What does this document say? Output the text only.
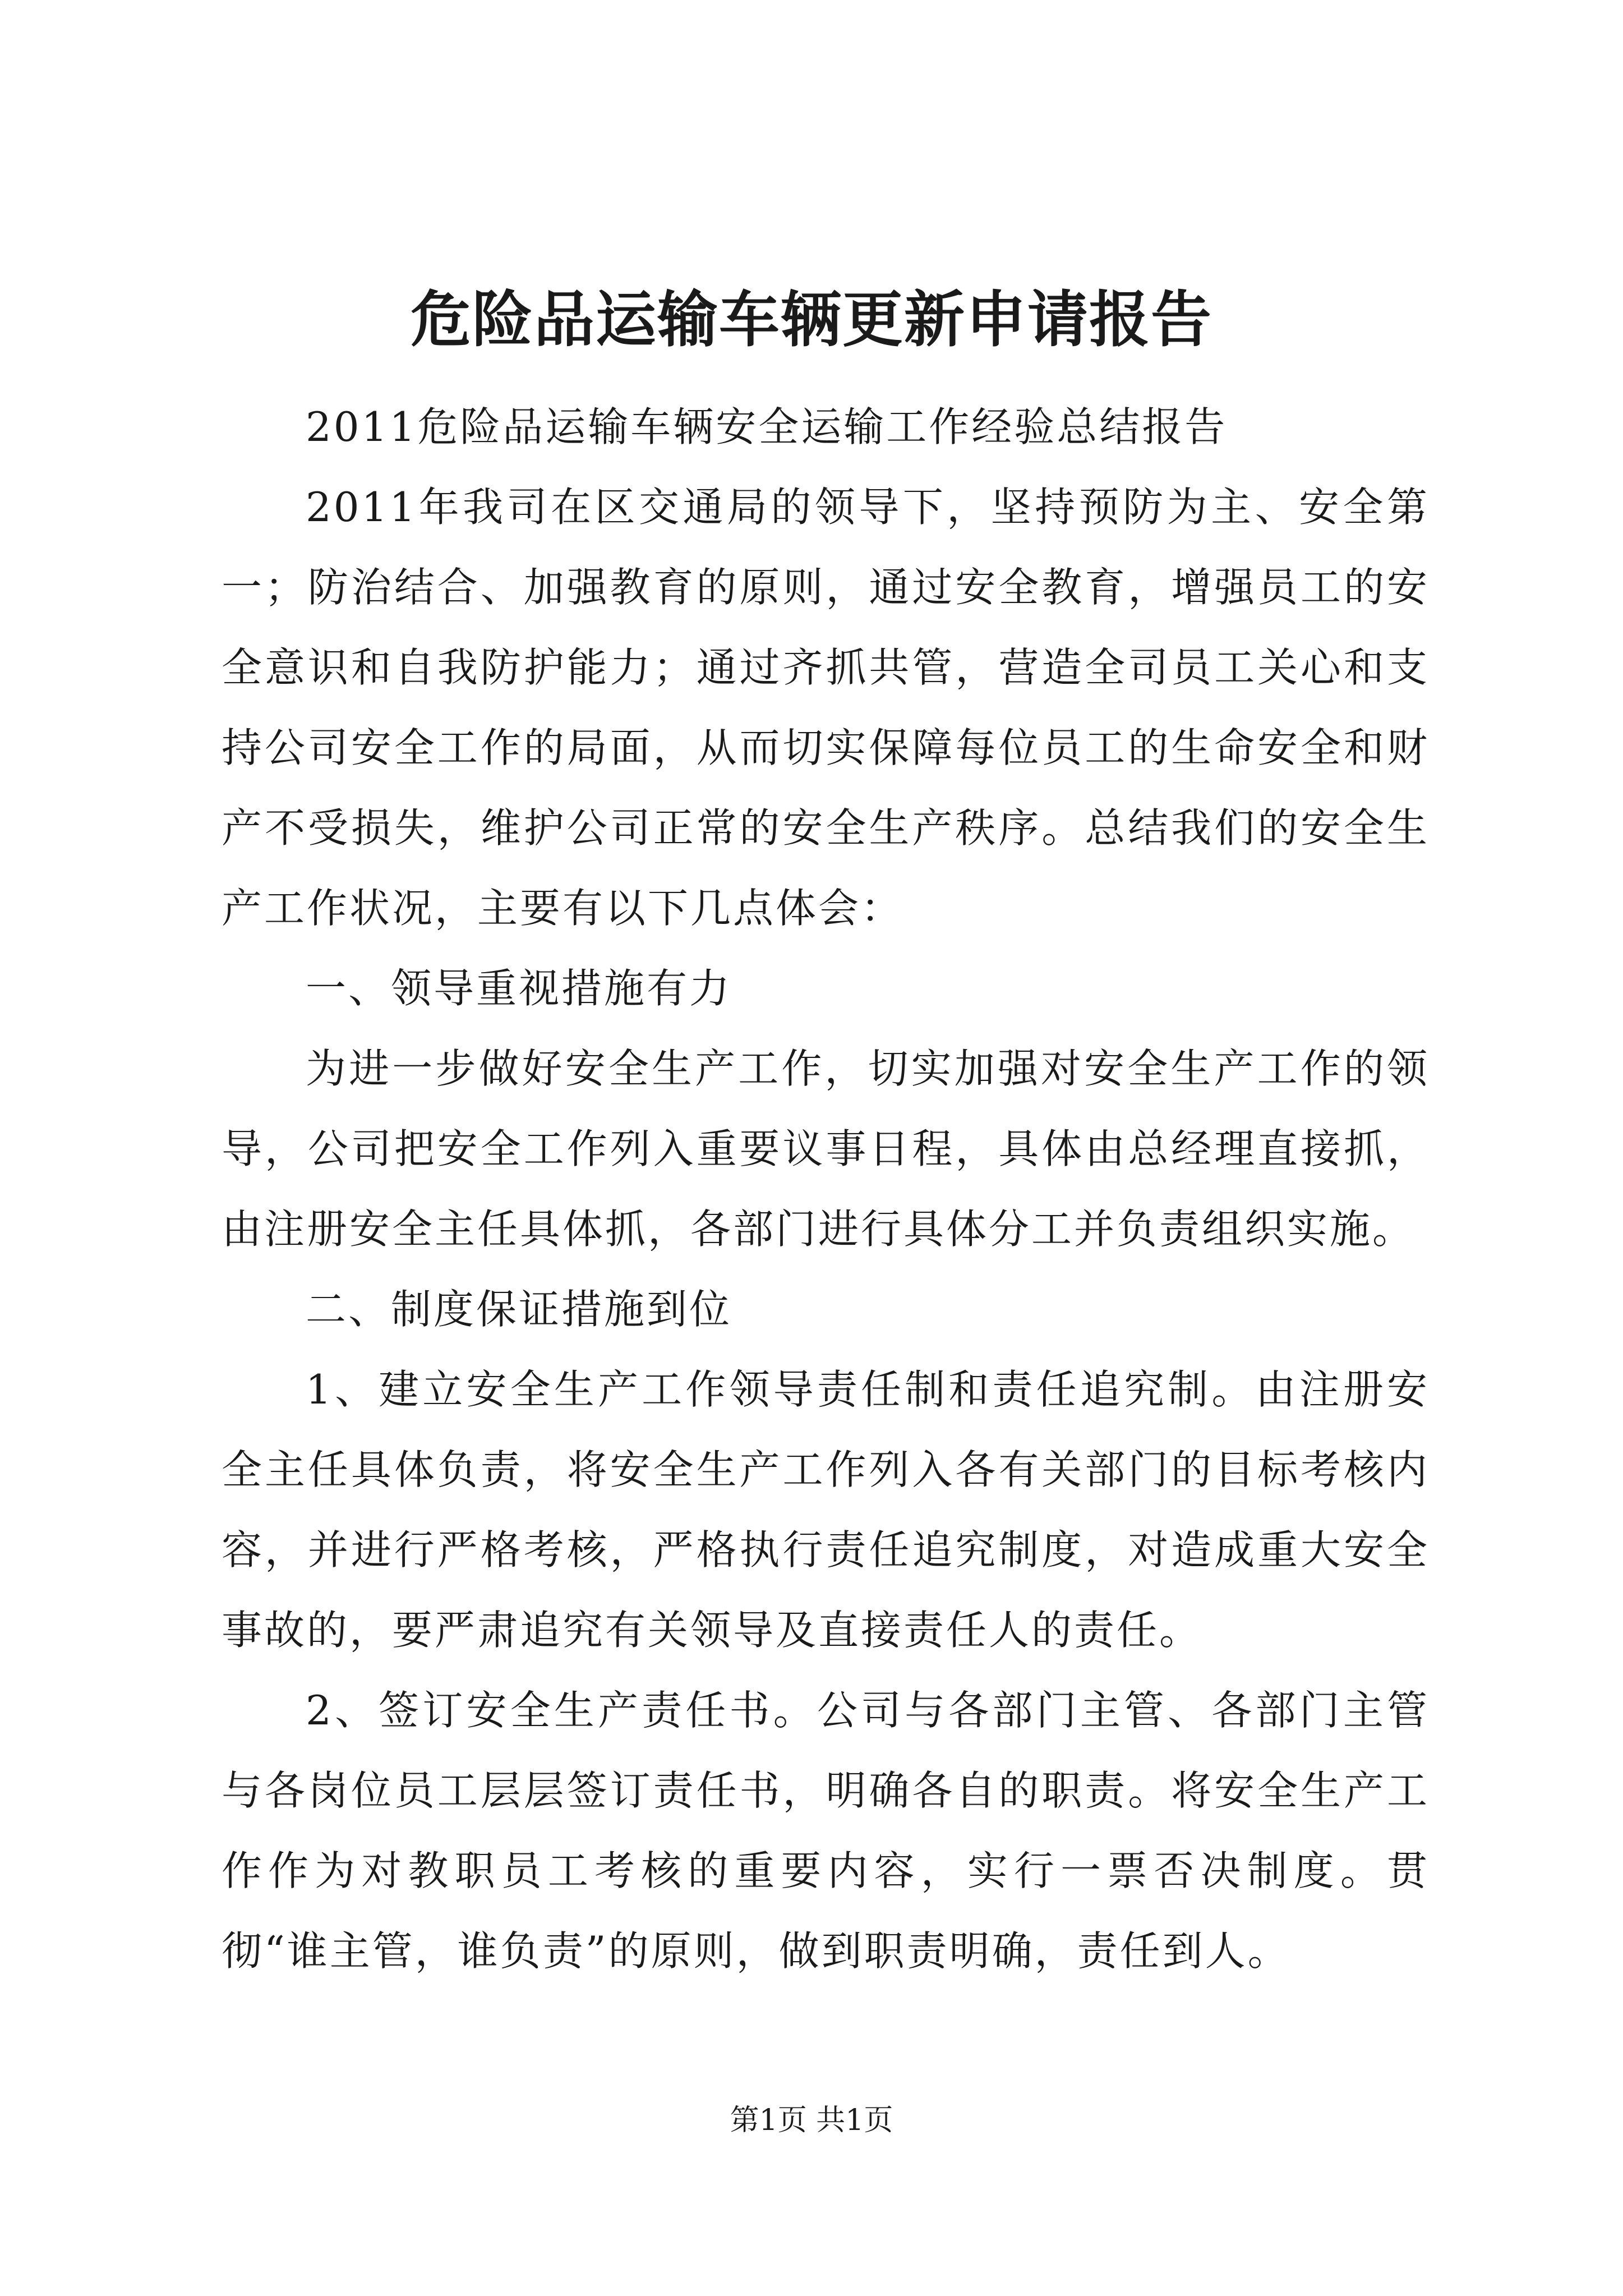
危险品运输车辆更新申请报告

2011危险品运输车辆安全运输工作经验总结报告

2011年我司在区交通局的领导下，坚持预防为主、安全第一；防治结合、加强教育的原则，通过安全教育，增强员工的安全意识和自我防护能力；通过齐抓共管，营造全司员工关心和支持公司安全工作的局面，从而切实保障每位员工的生命安全和财产不受损失，维护公司正常的安全生产秩序。总结我们的安全生产工作状况，主要有以下几点体会：

一、领导重视措施有力

为进一步做好安全生产工作，切实加强对安全生产工作的领导，公司把安全工作列入重要议事日程，具体由总经理直接抓，由注册安全主任具体抓，各部门进行具体分工并负责组织实施。

二、制度保证措施到位

1、建立安全生产工作领导责任制和责任追究制。由注册安全主任具体负责，将安全生产工作列入各有关部门的目标考核内容，并进行严格考核，严格执行责任追究制度，对造成重大安全事故的，要严肃追究有关领导及直接责任人的责任。

2、签订安全生产责任书。公司与各部门主管、各部门主管与各岗位员工层层签订责任书，明确各自的职责。将安全生产工作作为对教职员工考核的重要内容，实行一票否决制度。贯彻“谁主管，谁负责”的原则，做到职责明确，责任到人。

第1页 共1页
